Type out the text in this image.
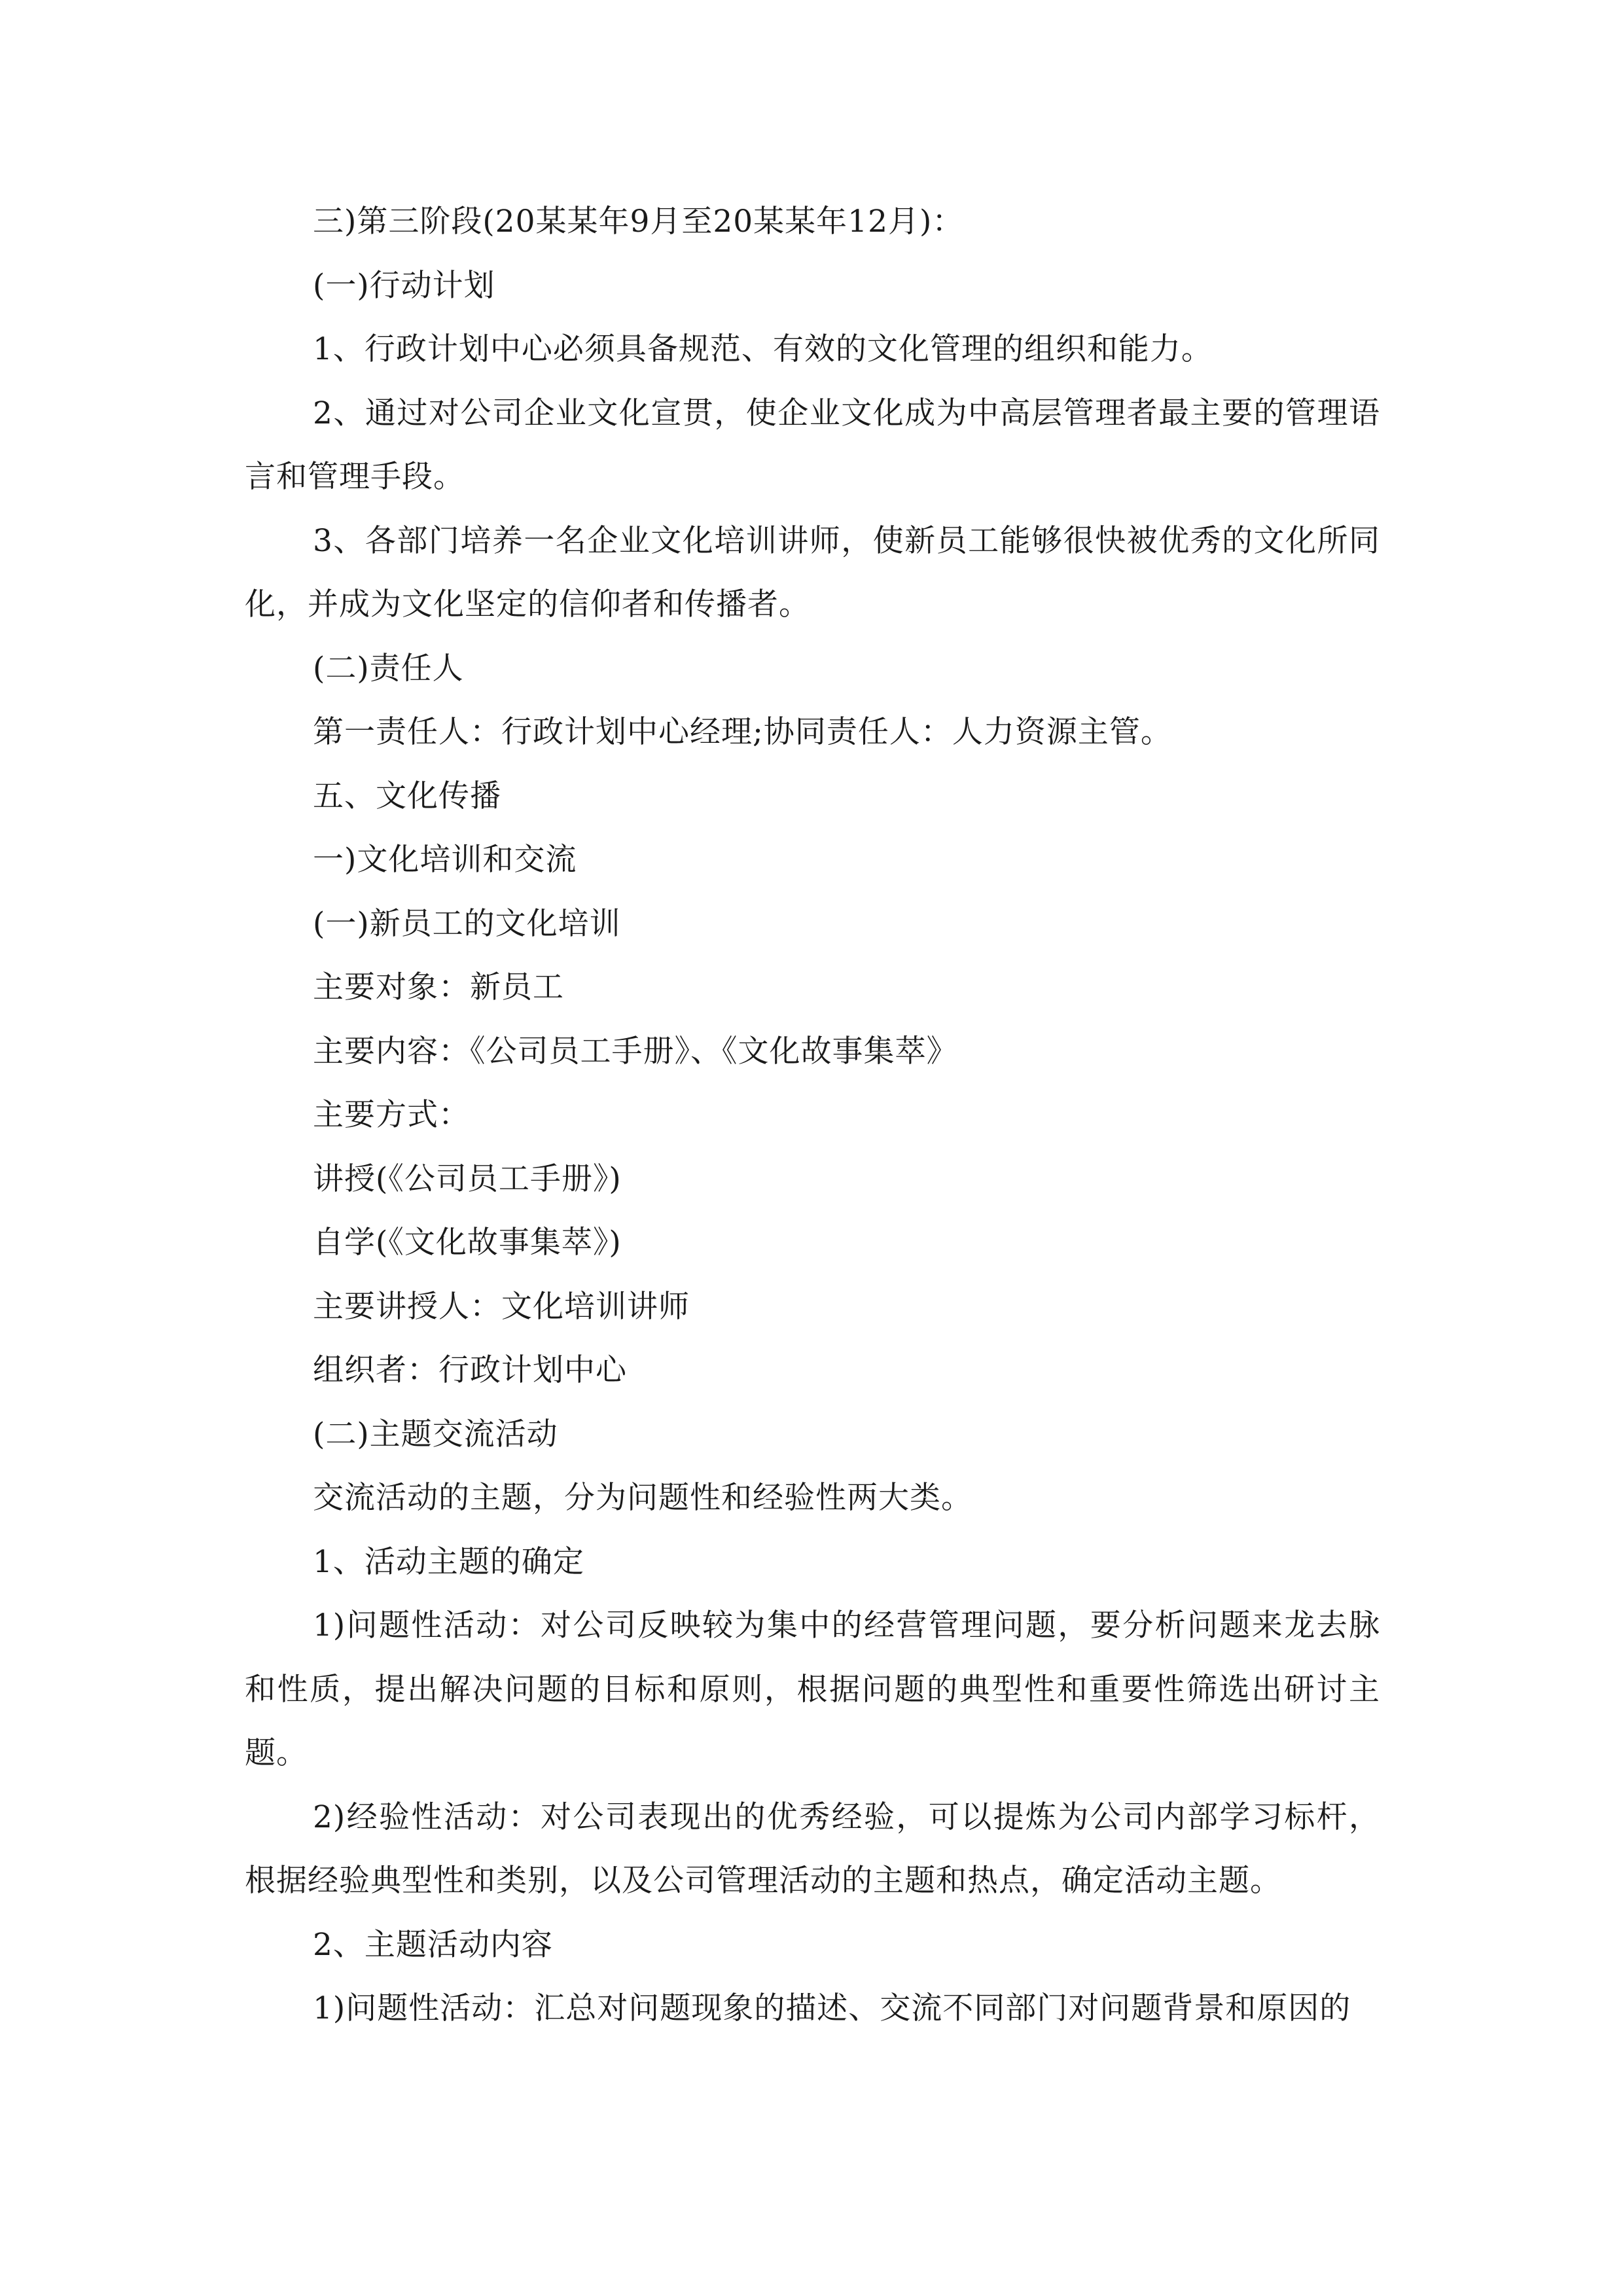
三)第三阶段(20某某年9月至20某某年12月)：

(一)行动计划

1、行政计划中心必须具备规范、有效的文化管理的组织和能力。

2、通过对公司企业文化宣贯，使企业文化成为中高层管理者最主要的管理语言和管理手段。

3、各部门培养一名企业文化培训讲师，使新员工能够很快被优秀的文化所同化，并成为文化坚定的信仰者和传播者。

(二)责任人

第一责任人：行政计划中心经理;协同责任人：人力资源主管。

五、文化传播

一)文化培训和交流

(一)新员工的文化培训

主要对象：新员工

主要内容：《公司员工手册》、《文化故事集萃》

主要方式：

讲授(《公司员工手册》)

自学(《文化故事集萃》)

主要讲授人：文化培训讲师

组织者：行政计划中心

(二)主题交流活动

交流活动的主题，分为问题性和经验性两大类。

1、活动主题的确定

1)问题性活动：对公司反映较为集中的经营管理问题，要分析问题来龙去脉和性质，提出解决问题的目标和原则，根据问题的典型性和重要性筛选出研讨主题。

2)经验性活动：对公司表现出的优秀经验，可以提炼为公司内部学习标杆，根据经验典型性和类别，以及公司管理活动的主题和热点，确定活动主题。

2、主题活动内容

1)问题性活动：汇总对问题现象的描述、交流不同部门对问题背景和原因的
